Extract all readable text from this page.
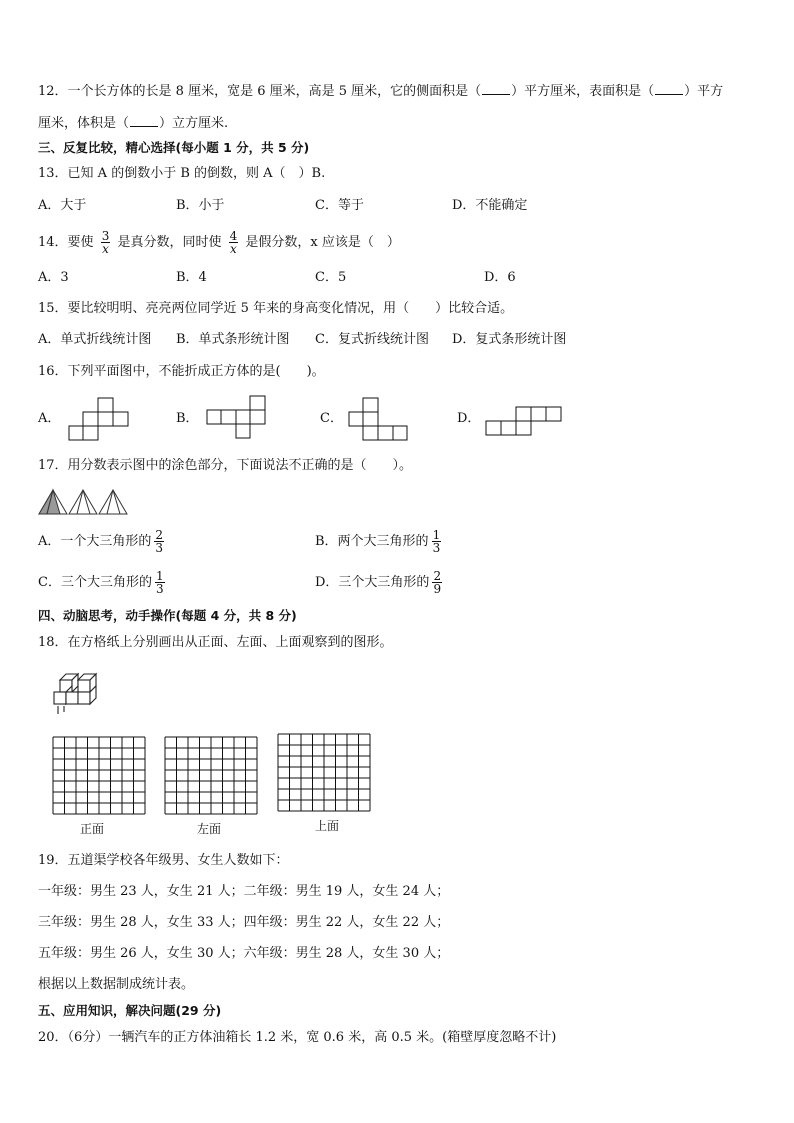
12．一个长方体的长是 8 厘米，宽是 6 厘米，高是 5 厘米，它的侧面积是（ ）平方厘米，表面积是（ ）平方
厘米，体积是（ ）立方厘米.
三、反复比较，精心选择(每小题 1 分，共 5 分)
13．已知 A 的倒数小于 B 的倒数，则 A（　）B.
A．大于	B．小于	C．等于	D．不能确定
14．要使 $\frac{3}{x}$ 是真分数，同时使 $\frac{4}{x}$ 是假分数，x 应该是（　）
A．3	B．4	C．5	D．6
15．要比较明明、亮亮两位同学近 5 年来的身高变化情况，用（　　）比较合适。
A．单式折线统计图 B．单式条形统计图 C．复式折线统计图 D．复式条形统计图
16．下列平面图中，不能折成正方体的是(　　)。
A．	B．	C．	D．
17．用分数表示图中的涂色部分，下面说法不正确的是（　　）。
A．一个大三角形的 $\frac{2}{3}$	B．两个大三角形的 $\frac{1}{3}$
C．三个大三角形的 $\frac{1}{3}$	D．三个大三角形的 $\frac{2}{9}$
四、动脑思考，动手操作(每题 4 分，共 8 分)
18．在方格纸上分别画出从正面、左面、上面观察到的图形。
正面	左面	上面
19．五道渠学校各年级男、女生人数如下：
一年级：男生 23 人，女生 21 人；二年级：男生 19 人，女生 24 人；
三年级：男生 28 人，女生 33 人；四年级：男生 22 人，女生 22 人；
五年级：男生 26 人，女生 30 人；六年级：男生 28 人，女生 30 人；
根据以上数据制成统计表。
五、应用知识，解决问题(29 分)
20．（6分）一辆汽车的正方体油箱长 1.2 米，宽 0.6 米，高 0.5 米。(箱壁厚度忽略不计)
